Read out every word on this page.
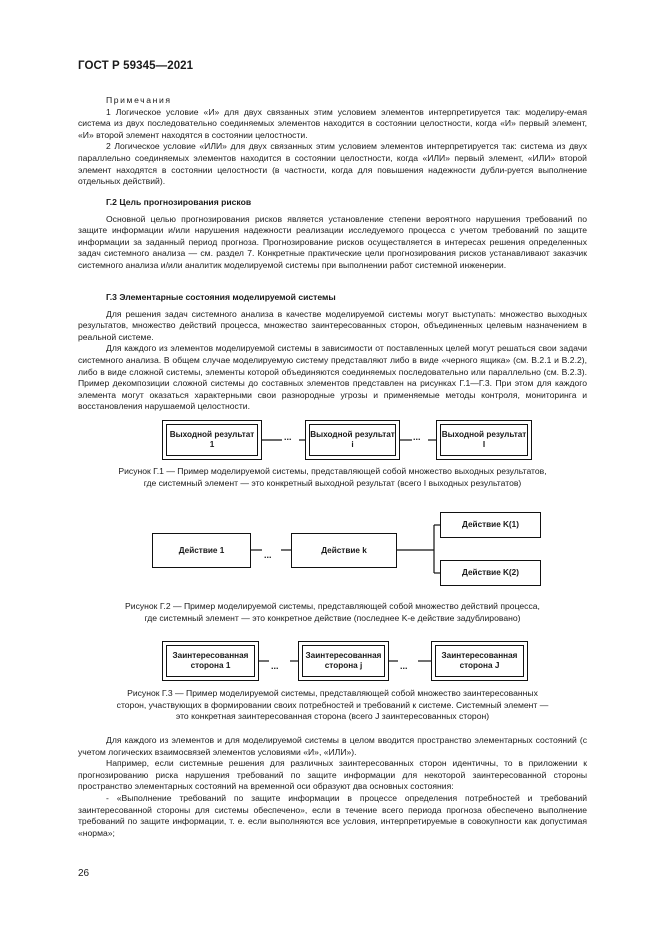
ГОСТ Р 59345—2021

Примечания

1 Логическое условие «И» для двух связанных этим условием элементов интерпретируется так: моделиру-емая система из двух последовательно соединяемых элементов находится в состоянии целостности, когда «И» первый элемент, «И» второй элемент находятся в состоянии целостности.

2 Логическое условие «ИЛИ» для двух связанных этим условием элементов интерпретируется так: система из двух параллельно соединяемых элементов находится в состоянии целостности, когда «ИЛИ» первый элемент, «ИЛИ» второй элемент находятся в состоянии целостности (в частности, когда для повышения надежности дубли-руется выполнение отдельных действий).

Г.2 Цель прогнозирования рисков

Основной целью прогнозирования рисков является установление степени вероятного нарушения требований по защите информации и/или нарушения надежности реализации исследуемого процесса с учетом требований по защите информации за заданный период прогноза. Прогнозирование рисков осуществляется в интересах решения определенных задач системного анализа — см. раздел 7. Конкретные практические цели прогнозирования рисков устанавливают заказчик системного анализа и/или аналитик моделируемой системы при выполнении работ системной инженерии.

Г.3 Элементарные состояния моделируемой системы

Для решения задач системного анализа в качестве моделируемой системы могут выступать: множество выходных результатов, множество действий процесса, множество заинтересованных сторон, объединенных целевым назначением в реальной системе.

Для каждого из элементов моделируемой системы в зависимости от поставленных целей могут решаться свои задачи системного анализа. В общем случае моделируемую систему представляют либо в виде «черного ящика» (см. В.2.1 и В.2.2), либо в виде сложной системы, элементы которой объединяются соединяемых последовательно или параллельно (см. В.2.3). Пример декомпозиции сложной системы до составных элементов представлен на рисунках Г.1—Г.3. При этом для каждого элемента могут оказаться характерными свои разнородные угрозы и применяемые методы контроля, мониторинга и восстановления нарушаемой целостности.

Выходной результат 1
... Выходной результат i
...	Выходной результат I
Рисунок Г.1 — Пример моделируемой системы, представляющей собой множество выходных результатов,
где системный элемент — это конкретный выходной результат (всего I выходных результатов)
Действие 1	...	Действие k
Действие K(1)
Действие K(2)
Рисунок Г.2 — Пример моделируемой системы, представляющей собой множество действий процесса,
где системный элемент — это конкретное действие (последнее K-е действие задублировано)
Заинтересованная сторона 1	...
Заинтересованная сторона j	...
Заинтересованная сторона J
Рисунок Г.3 — Пример моделируемой системы, представляющей собой множество заинтересованных
сторон, участвующих в формировании своих потребностей и требований к системе. Системный элемент —
это конкретная заинтересованная сторона (всего J заинтересованных сторон)

Для каждого из элементов и для моделируемой системы в целом вводится пространство элементарных состояний (с учетом логических взаимосвязей элементов условиями «И», «ИЛИ»).

Например, если системные решения для различных заинтересованных сторон идентичны, то в приложении к прогнозированию риска нарушения требований по защите информации для некоторой заинтересованной стороны пространство элементарных состояний на временной оси образуют два основных состояния:

- «Выполнение требований по защите информации в процессе определения потребностей и требований заинтересованной стороны для системы обеспечено», если в течение всего периода прогноза обеспечено выполнение требований по защите информации, т. е. если выполняются все условия, интерпретируемые в совокупности как допустимая «норма»;

26
